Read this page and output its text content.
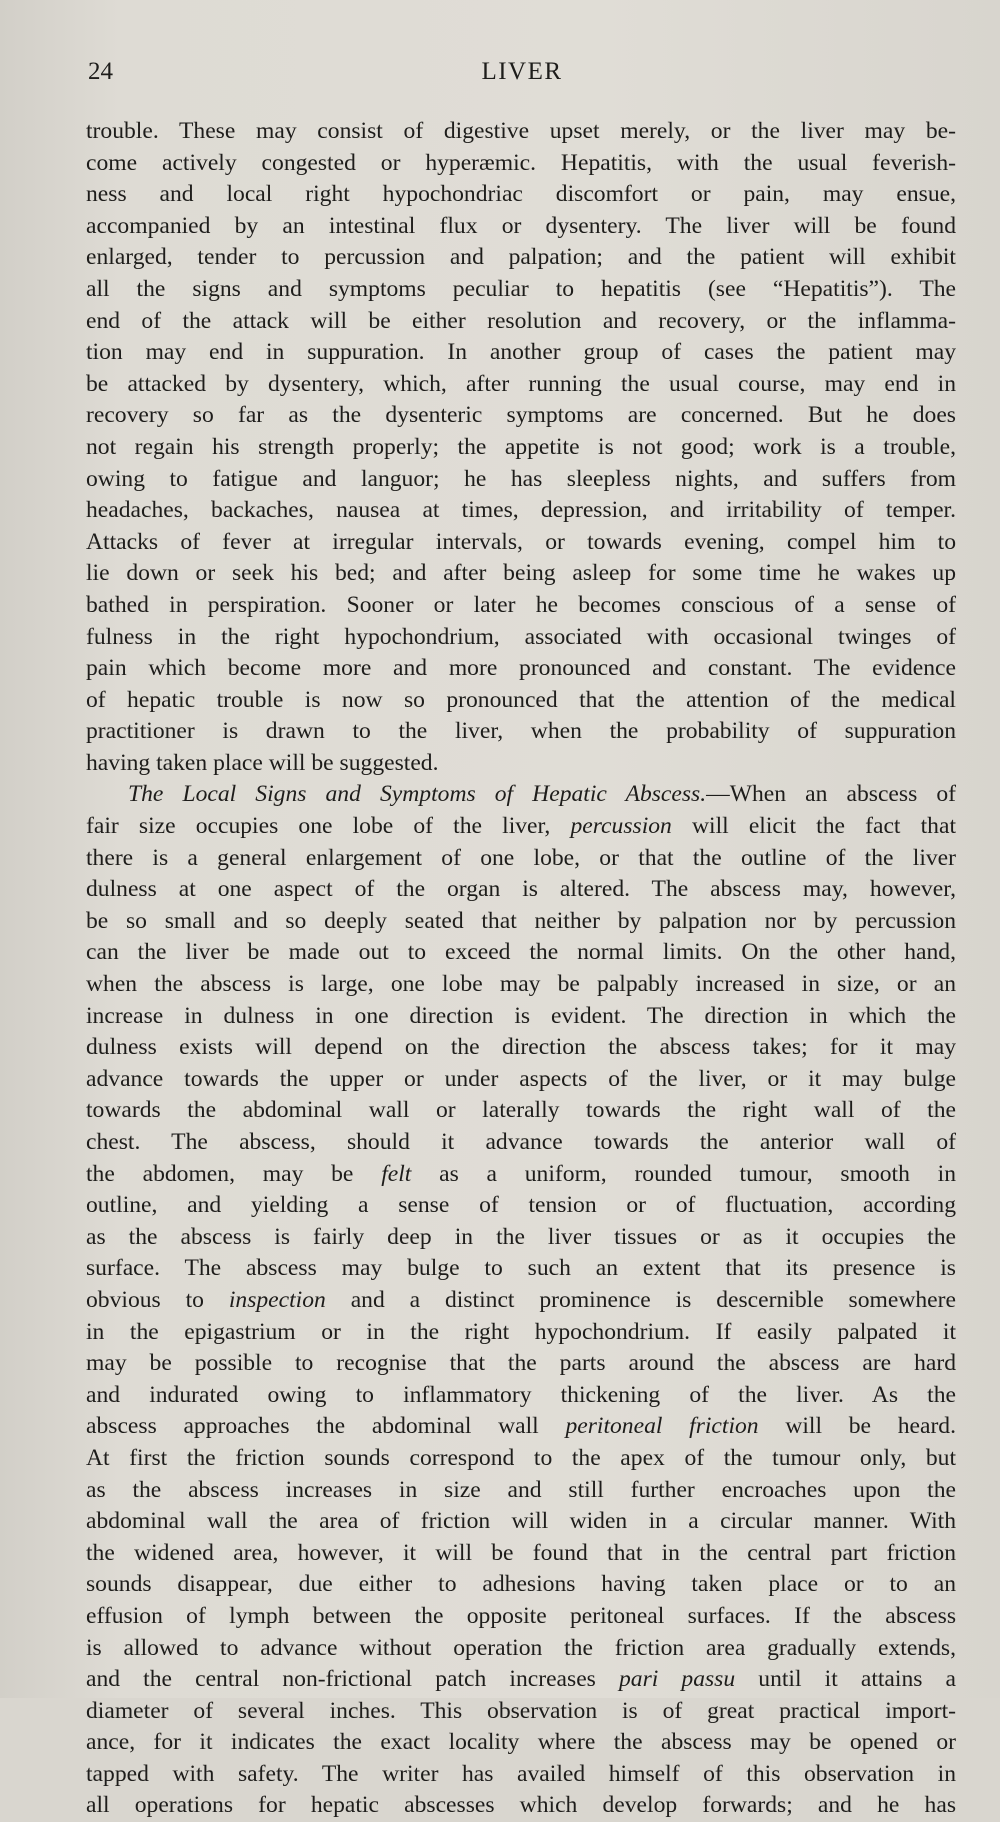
24	LIVER
trouble. These may consist of digestive upset merely, or the liver may be-
come actively congested or hyperæmic. Hepatitis, with the usual feverish-
ness and local right hypochondriac discomfort or pain, may ensue,
accompanied by an intestinal flux or dysentery. The liver will be found
enlarged, tender to percussion and palpation; and the patient will exhibit
all the signs and symptoms peculiar to hepatitis (see “Hepatitis”). The
end of the attack will be either resolution and recovery, or the inflamma-
tion may end in suppuration. In another group of cases the patient may
be attacked by dysentery, which, after running the usual course, may end in
recovery so far as the dysenteric symptoms are concerned. But he does
not regain his strength properly; the appetite is not good; work is a trouble,
owing to fatigue and languor; he has sleepless nights, and suffers from
headaches, backaches, nausea at times, depression, and irritability of temper.
Attacks of fever at irregular intervals, or towards evening, compel him to
lie down or seek his bed; and after being asleep for some time he wakes up
bathed in perspiration. Sooner or later he becomes conscious of a sense of
fulness in the right hypochondrium, associated with occasional twinges of
pain which become more and more pronounced and constant. The evidence
of hepatic trouble is now so pronounced that the attention of the medical
practitioner is drawn to the liver, when the probability of suppuration
having taken place will be suggested.
The Local Signs and Symptoms of Hepatic Abscess.—When an abscess of
fair size occupies one lobe of the liver, percussion will elicit the fact that
there is a general enlargement of one lobe, or that the outline of the liver
dulness at one aspect of the organ is altered. The abscess may, however,
be so small and so deeply seated that neither by palpation nor by percussion
can the liver be made out to exceed the normal limits. On the other hand,
when the abscess is large, one lobe may be palpably increased in size, or an
increase in dulness in one direction is evident. The direction in which the
dulness exists will depend on the direction the abscess takes; for it may
advance towards the upper or under aspects of the liver, or it may bulge
towards the abdominal wall or laterally towards the right wall of the
chest. The abscess, should it advance towards the anterior wall of
the abdomen, may be felt as a uniform, rounded tumour, smooth in
outline, and yielding a sense of tension or of fluctuation, according
as the abscess is fairly deep in the liver tissues or as it occupies the
surface. The abscess may bulge to such an extent that its presence is
obvious to inspection and a distinct prominence is descernible somewhere
in the epigastrium or in the right hypochondrium. If easily palpated it
may be possible to recognise that the parts around the abscess are hard
and indurated owing to inflammatory thickening of the liver. As the
abscess approaches the abdominal wall peritoneal friction will be heard.
At first the friction sounds correspond to the apex of the tumour only, but
as the abscess increases in size and still further encroaches upon the
abdominal wall the area of friction will widen in a circular manner. With
the widened area, however, it will be found that in the central part friction
sounds disappear, due either to adhesions having taken place or to an
effusion of lymph between the opposite peritoneal surfaces. If the abscess
is allowed to advance without operation the friction area gradually extends,
and the central non-frictional patch increases pari passu until it attains a
diameter of several inches. This observation is of great practical import-
ance, for it indicates the exact locality where the abscess may be opened or
tapped with safety. The writer has availed himself of this observation in
all operations for hepatic abscesses which develop forwards; and he has
